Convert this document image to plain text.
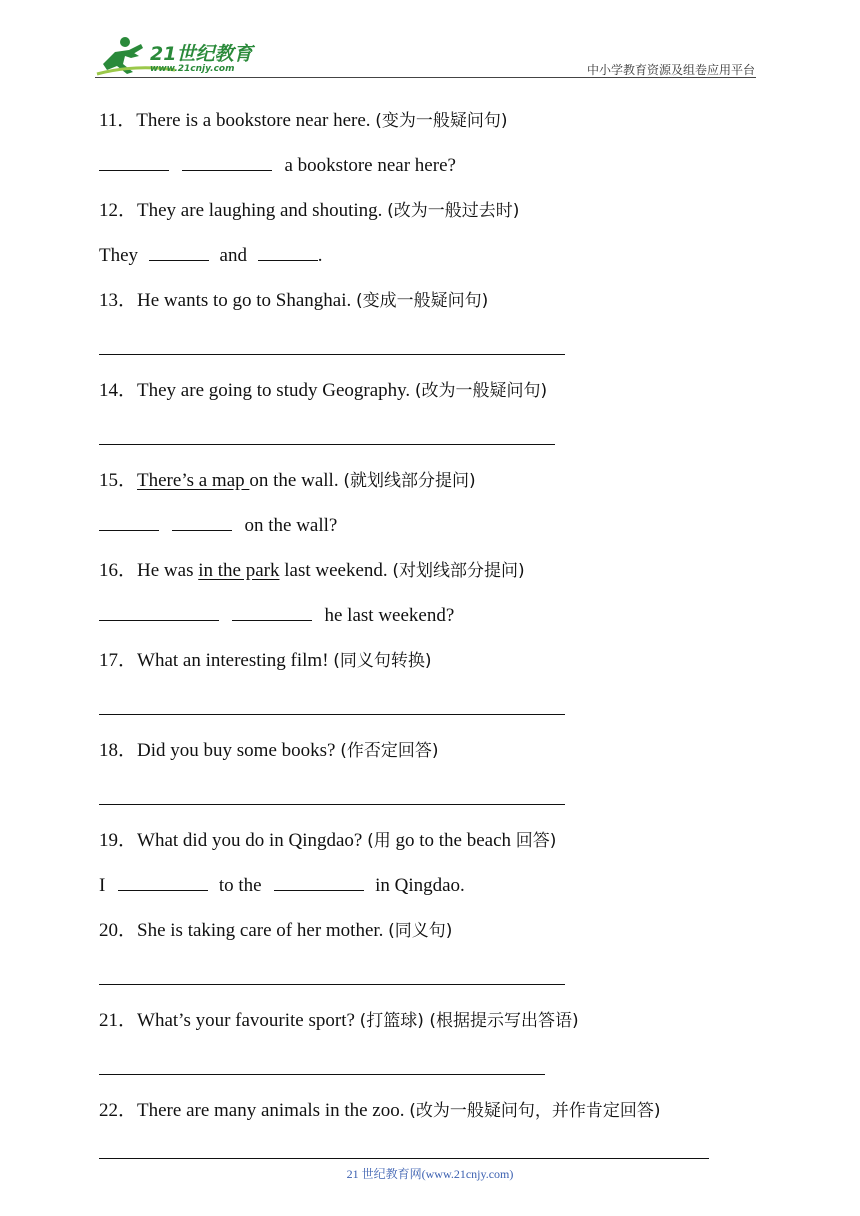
21世纪教育
www.21cnjy.com	中小学教育资源及组卷应用平台
11．There is a bookstore near here. (变为一般疑问句)
a bookstore near here?
12．They are laughing and shouting. (改为一般过去时)
They	and	.
13．He wants to go to Shanghai. (变成一般疑问句)
14．They are going to study Geography. (改为一般疑问句)
15．There’s a map on the wall. (就划线部分提问)
on the wall?
16．He was in the park last weekend. (对划线部分提问)
he last weekend?
17．What an interesting film! (同义句转换)
18．Did you buy some books? (作否定回答)
19．What did you do in Qingdao? (用 go to the beach 回答)
I	to the	in Qingdao.
20．She is taking care of her mother. (同义句)
21．What’s your favourite sport? (打篮球) (根据提示写出答语)
22．There are many animals in the zoo. (改为一般疑问句，并作肯定回答)
21 世纪教育网(www.21cnjy.com)
